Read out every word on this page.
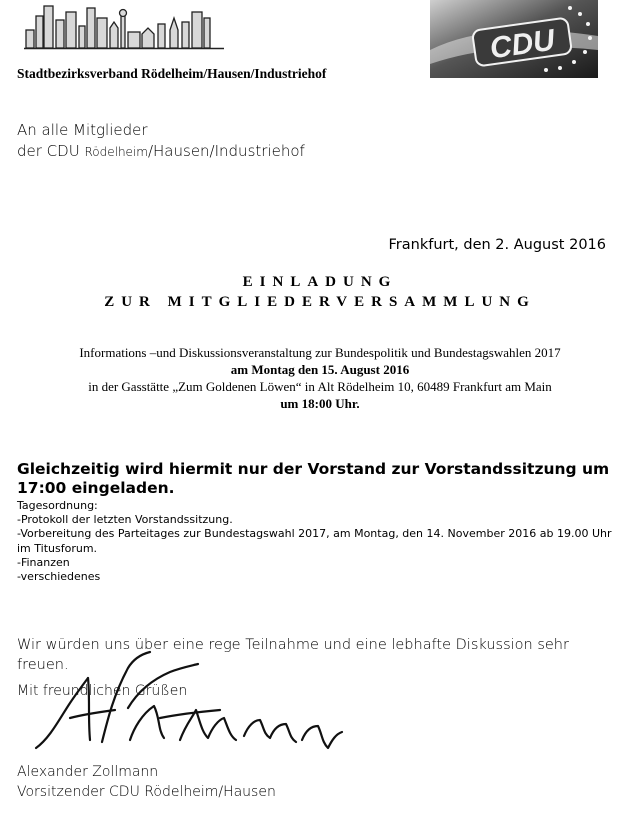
CDU
Stadtbezirksverband Rödelheim/Hausen/Industriehof
An alle Mitglieder
der CDU Rödelheim/Hausen/Industriehof
Frankfurt, den 2. August 2016
EINLADUNG
ZUR MITGLIEDERVERSAMMLUNG
Informations –und Diskussionsveranstaltung zur Bundespolitik und Bundestagswahlen 2017
am Montag den 15. August 2016
in der Gasstätte „Zum Goldenen Löwen“ in Alt Rödelheim 10, 60489 Frankfurt am Main
um 18:00 Uhr.
Gleichzeitig wird hiermit nur der Vorstand zur Vorstandssitzung um 17:00 eingeladen.
Tagesordnung:
-Protokoll der letzten Vorstandssitzung.
-Vorbereitung des Parteitages zur Bundestagswahl 2017, am Montag, den 14. November 2016 ab 19.00 Uhr im Titusforum.
-Finanzen
-verschiedenes
Wir würden uns über eine rege Teilnahme und eine lebhafte Diskussion sehr freuen.
Mit freundlichen Grüßen
Alexander Zollmann
Vorsitzender CDU Rödelheim/Hausen
